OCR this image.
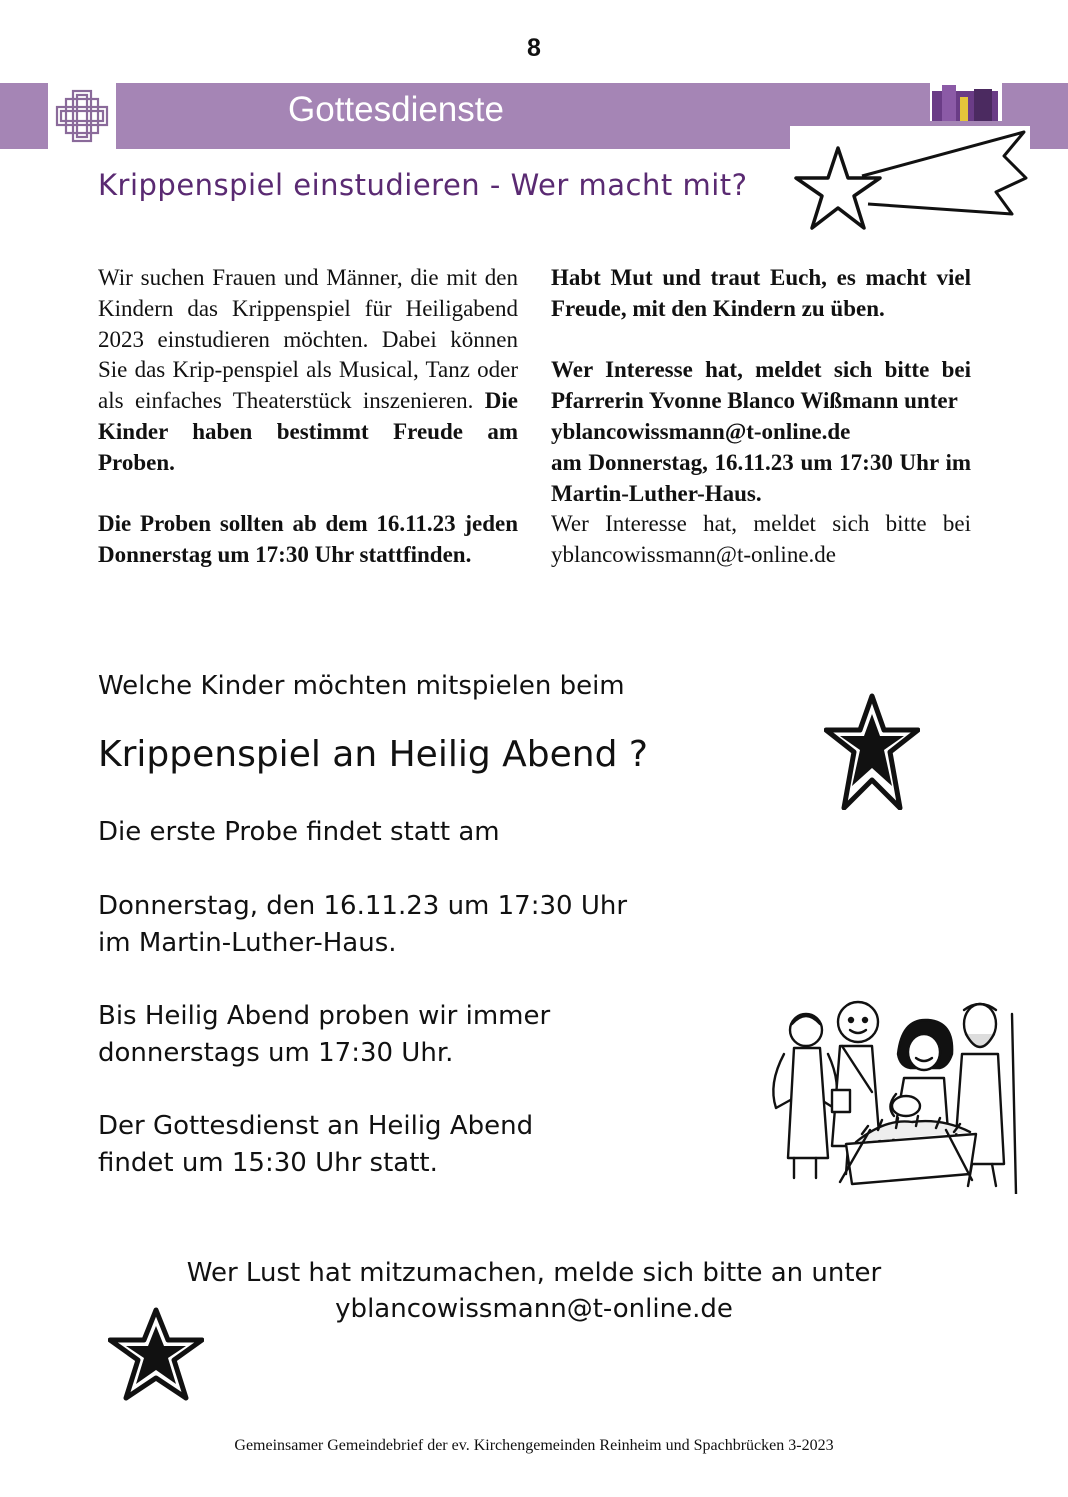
8
Gottesdienste
Krippenspiel einstudieren - Wer macht mit?

Wir suchen Frauen und Männer, die mit den Kindern das Krippenspiel für Heiligabend 2023 einstudieren möchten. Dabei können Sie das Krip-penspiel als Musical, Tanz oder als einfaches Theaterstück inszenieren. Die Kinder haben bestimmt Freude am Proben.

Die Proben sollten ab dem 16.11.23 jeden Donnerstag um 17:30 Uhr stattfinden.

Habt Mut und traut Euch, es macht viel Freude, mit den Kindern zu üben.

Wer Interesse hat, meldet sich bitte bei Pfarrerin Yvonne Blanco Wißmann unter
yblancowissmann@t-online.de
am Donnerstag, 16.11.23 um 17:30 Uhr im Martin-Luther-Haus.
Wer Interesse hat, meldet sich bitte bei yblancowissmann@t-online.de

Welche Kinder möchten mitspielen beim
Krippenspiel an Heilig Abend ?
Die erste Probe findet statt am
Donnerstag, den 16.11.23 um 17:30 Uhr
im Martin-Luther-Haus.
Bis Heilig Abend proben wir immer
donnerstags um 17:30 Uhr.
Der Gottesdienst an Heilig Abend
findet um 15:30 Uhr statt.
Wer Lust hat mitzumachen, melde sich bitte an unter
yblancowissmann@t-online.de
Gemeinsamer Gemeindebrief der ev. Kirchengemeinden Reinheim und Spachbrücken 3-2023
